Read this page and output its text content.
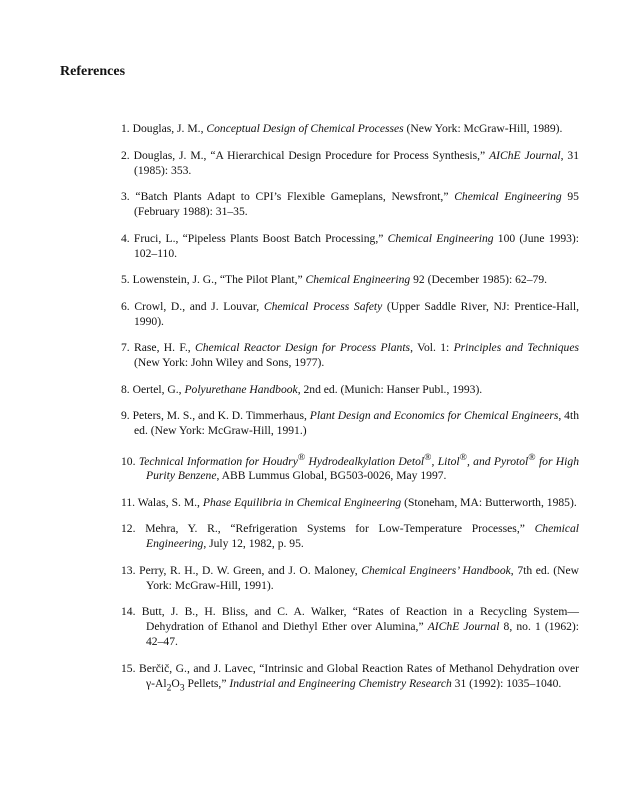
References
1. Douglas, J. M., Conceptual Design of Chemical Processes (New York: McGraw-Hill, 1989).
2. Douglas, J. M., “A Hierarchical Design Procedure for Process Synthesis,” AIChE Journal, 31 (1985): 353.
3. “Batch Plants Adapt to CPI’s Flexible Gameplans, Newsfront,” Chemical Engineering 95 (February 1988): 31–35.
4. Fruci, L., “Pipeless Plants Boost Batch Processing,” Chemical Engineering 100 (June 1993): 102–110.
5. Lowenstein, J. G., “The Pilot Plant,” Chemical Engineering 92 (December 1985): 62–79.
6. Crowl, D., and J. Louvar, Chemical Process Safety (Upper Saddle River, NJ: Prentice-Hall, 1990).
7. Rase, H. F., Chemical Reactor Design for Process Plants, Vol. 1: Principles and Techniques (New York: John Wiley and Sons, 1977).
8. Oertel, G., Polyurethane Handbook, 2nd ed. (Munich: Hanser Publ., 1993).
9. Peters, M. S., and K. D. Timmerhaus, Plant Design and Economics for Chemical Engineers, 4th ed. (New York: McGraw-Hill, 1991.)
10. Technical Information for Houdry® Hydrodealkylation Detol®, Litol®, and Pyrotol® for High Purity Benzene, ABB Lummus Global, BG503-0026, May 1997.
11. Walas, S. M., Phase Equilibria in Chemical Engineering (Stoneham, MA: Butterworth, 1985).
12. Mehra, Y. R., “Refrigeration Systems for Low-Temperature Processes,” Chemical Engineering, July 12, 1982, p. 95.
13. Perry, R. H., D. W. Green, and J. O. Maloney, Chemical Engineers’ Handbook, 7th ed. (New York: McGraw-Hill, 1991).
14. Butt, J. B., H. Bliss, and C. A. Walker, “Rates of Reaction in a Recycling System—Dehydration of Ethanol and Diethyl Ether over Alumina,” AIChE Journal 8, no. 1 (1962): 42–47.
15. Berčič, G., and J. Lavec, “Intrinsic and Global Reaction Rates of Methanol Dehydration over $\gamma-Al_2O_3$ Pellets,” Industrial and Engineering Chemistry Research 31 (1992): 1035–1040.
